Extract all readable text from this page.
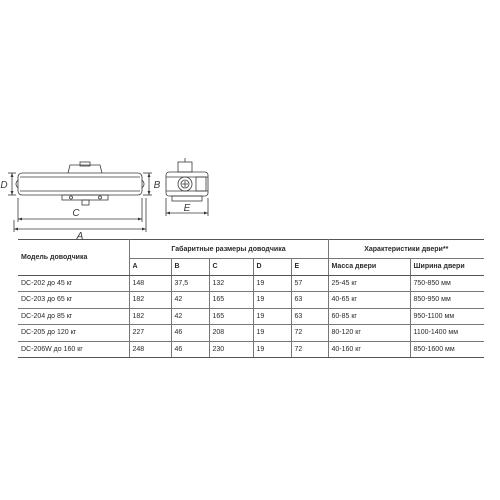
D
C
A
B
E
Модель доводчика	Габаритные размеры доводчика					Характеристики двери**	
	A	B	C	D	E	Масса двери	Ширина двери
DC-202 до 45 кг	148	37,5	132	19	57	25-45 кг	750-850 мм
DC-203 до 65 кг	182	42	165	19	63	40-65 кг	850-950 мм
DC-204 до 85 кг	182	42	165	19	63	60-85 кг	950-1100 мм
DC-205 до 120 кг	227	46	208	19	72	80-120 кг	1100-1400 мм
DC-206W до 160 кг	248	46	230	19	72	40-160 кг	850-1600 мм
